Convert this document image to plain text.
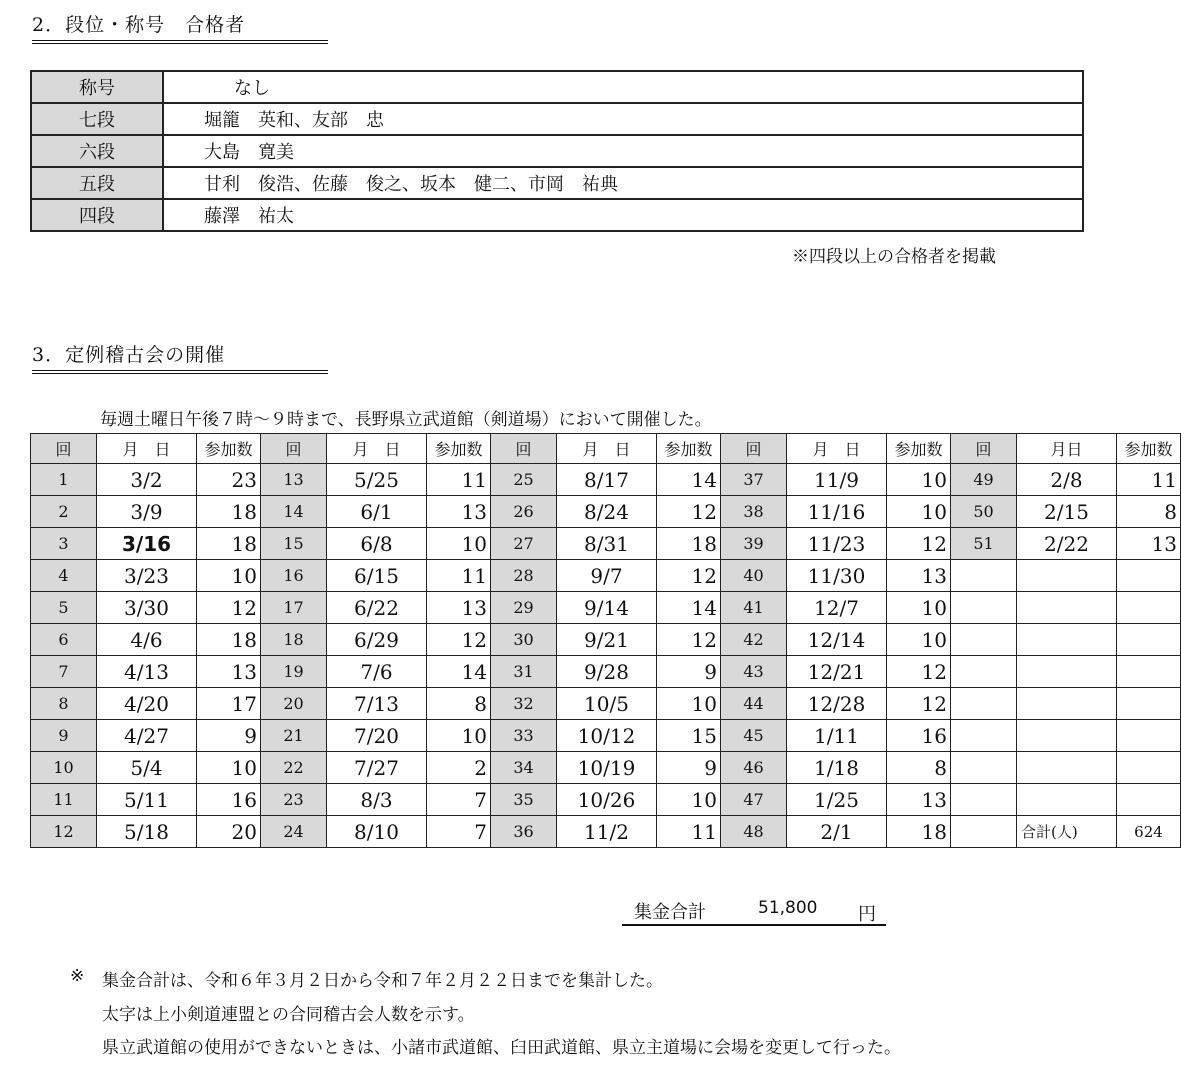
2．段位・称号　合格者
称号	なし
七段	堀籠　英和、友部　忠
六段	大島　寛美
五段	甘利　俊浩、佐藤　俊之、坂本　健二、市岡　祐典
四段	藤澤　祐太
※四段以上の合格者を掲載
3．定例稽古会の開催
毎週土曜日午後７時～９時まで、長野県立武道館（剣道場）において開催した。
回	月　日	参加数	回	月　日	参加数	回	月　日	参加数	回	月　日	参加数	回	月日	参加数
1	3/2	23	13	5/25	11	25	8/17	14	37	11/9	10	49	2/8	11
2	3/9	18	14	6/1	13	26	8/24	12	38	11/16	10	50	2/15	8
3	3/16	18	15	6/8	10	27	8/31	18	39	11/23	12	51	2/22	13
4	3/23	10	16	6/15	11	28	9/7	12	40	11/30	13			
5	3/30	12	17	6/22	13	29	9/14	14	41	12/7	10			
6	4/6	18	18	6/29	12	30	9/21	12	42	12/14	10			
7	4/13	13	19	7/6	14	31	9/28	9	43	12/21	12			
8	4/20	17	20	7/13	8	32	10/5	10	44	12/28	12			
9	4/27	9	21	7/20	10	33	10/12	15	45	1/11	16			
10	5/4	10	22	7/27	2	34	10/19	9	46	1/18	8			
11	5/11	16	23	8/3	7	35	10/26	10	47	1/25	13			
12	5/18	20	24	8/10	7	36	11/2	11	48	2/1	18		合計(人)	624
集金合計	51,800 円
※ 集金合計は、令和６年３月２日から令和７年２月２２日までを集計した。
太字は上小剣道連盟との合同稽古会人数を示す。
県立武道館の使用ができないときは、小諸市武道館、臼田武道館、県立主道場に会場を変更して行った。
